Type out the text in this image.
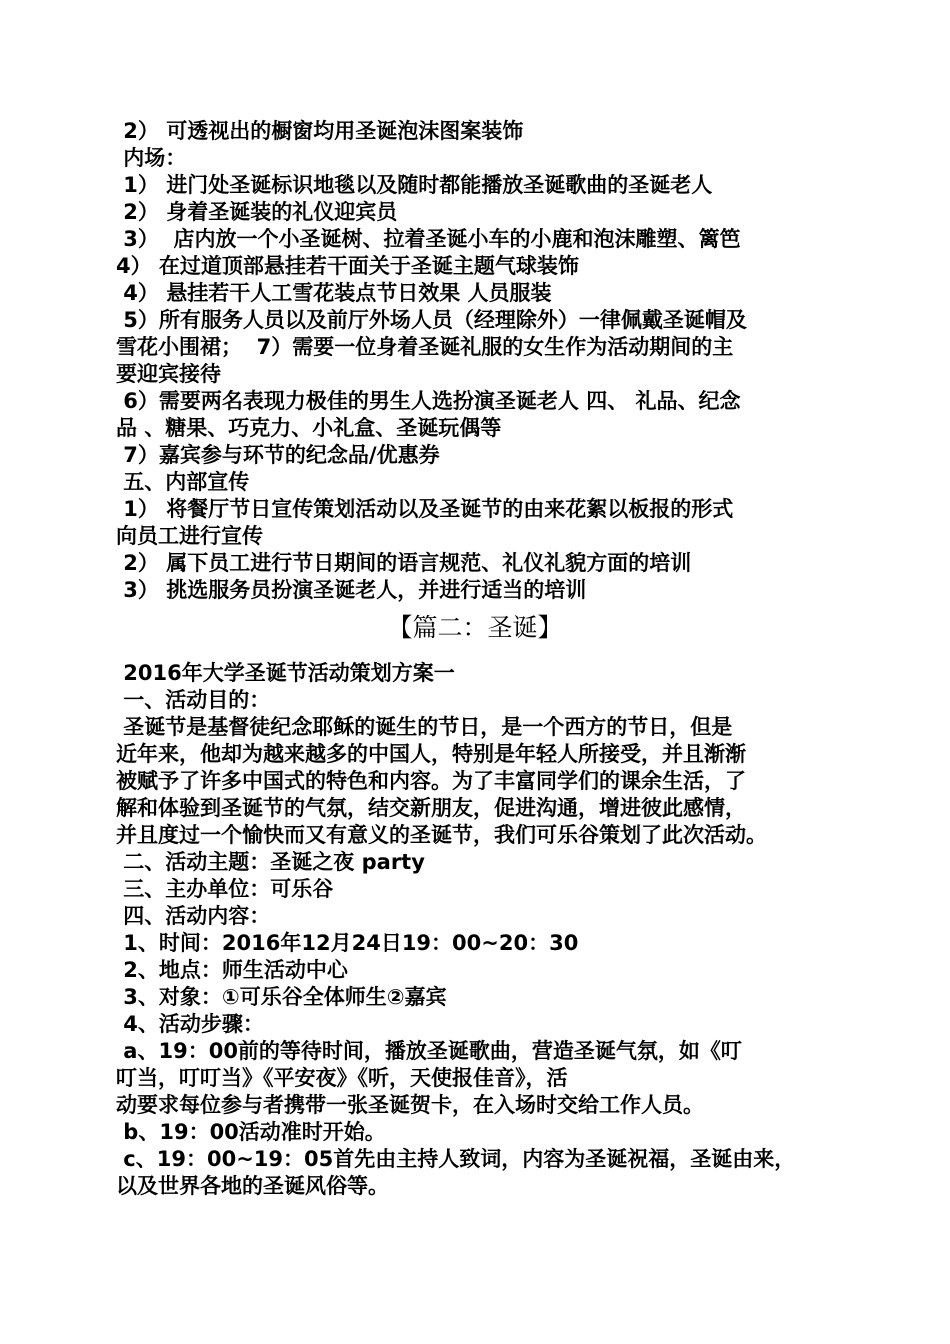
2） 可透视出的橱窗均用圣诞泡沫图案装饰
内场：
1） 进门处圣诞标识地毯以及随时都能播放圣诞歌曲的圣诞老人
2） 身着圣诞装的礼仪迎宾员
3）  店内放一个小圣诞树、拉着圣诞小车的小鹿和泡沫雕塑、篱笆
4） 在过道顶部悬挂若干面关于圣诞主题气球装饰
4） 悬挂若干人工雪花装点节日效果 人员服装
5）所有服务人员以及前厅外场人员（经理除外）一律佩戴圣诞帽及
雪花小围裙；  7）需要一位身着圣诞礼服的女生作为活动期间的主
要迎宾接待
6）需要两名表现力极佳的男生人选扮演圣诞老人 四、 礼品、纪念
品 、糖果、巧克力、小礼盒、圣诞玩偶等
7）嘉宾参与环节的纪念品/优惠券
五、内部宣传
1） 将餐厅节日宣传策划活动以及圣诞节的由来花絮以板报的形式
向员工进行宣传
2） 属下员工进行节日期间的语言规范、礼仪礼貌方面的培训
3） 挑选服务员扮演圣诞老人，并进行适当的培训
【篇二：圣诞】
2016年大学圣诞节活动策划方案一
一、活动目的：
圣诞节是基督徒纪念耶稣的诞生的节日，是一个西方的节日，但是
近年来，他却为越来越多的中国人，特别是年轻人所接受，并且渐渐
被赋予了许多中国式的特色和内容。为了丰富同学们的课余生活，了
解和体验到圣诞节的气氛，结交新朋友，促进沟通，增进彼此感情，
并且度过一个愉快而又有意义的圣诞节，我们可乐谷策划了此次活动。
二、活动主题：圣诞之夜 party
三、主办单位：可乐谷
四、活动内容：
1、时间：2016年12月24日19：00~20：30
2、地点：师生活动中心
3、对象：①可乐谷全体师生②嘉宾
4、活动步骤：
a、19：00前的等待时间，播放圣诞歌曲，营造圣诞气氛，如《叮
叮当，叮叮当》《平安夜》《听，天使报佳音》，活
动要求每位参与者携带一张圣诞贺卡，在入场时交给工作人员。
b、19：00活动准时开始。
c、19：00~19：05首先由主持人致词，内容为圣诞祝福，圣诞由来，
以及世界各地的圣诞风俗等。
